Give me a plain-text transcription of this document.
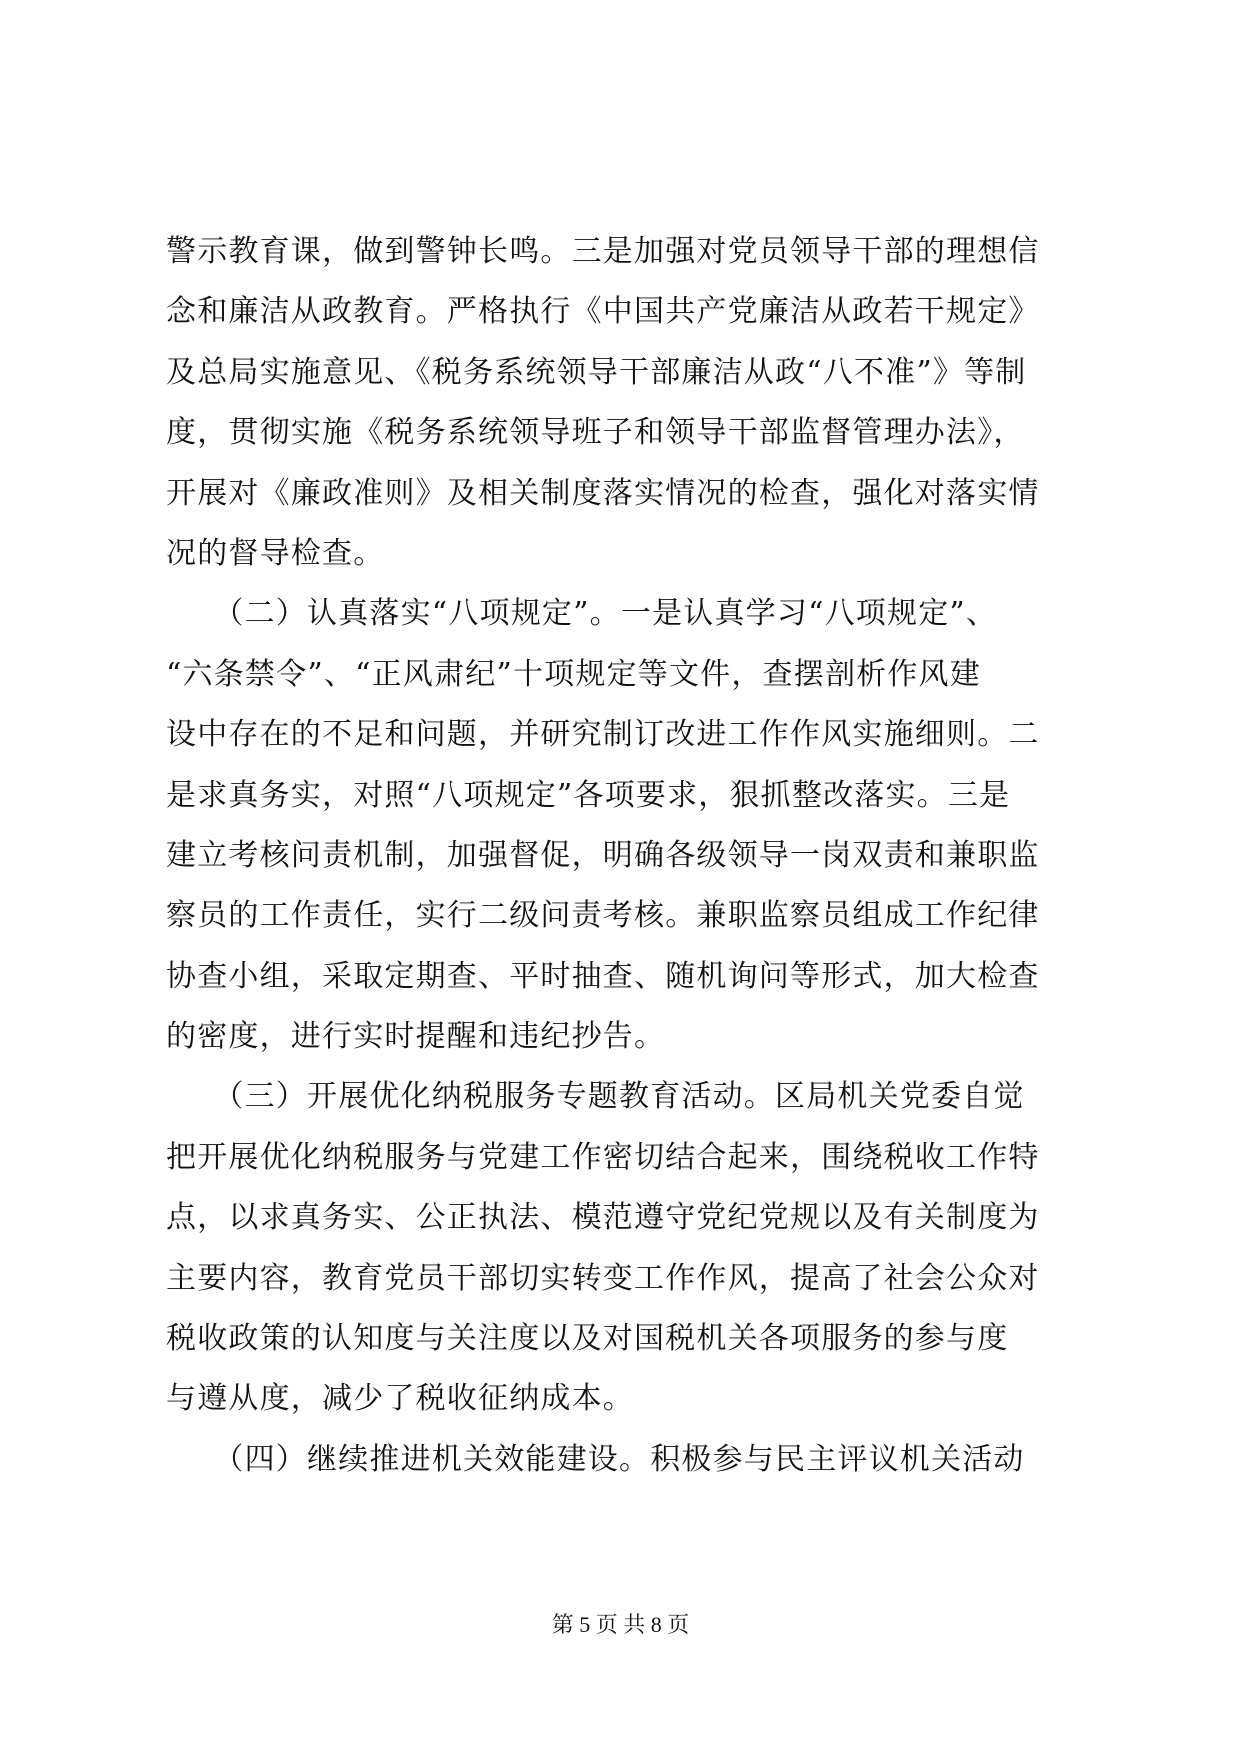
警示教育课，做到警钟长鸣。三是加强对党员领导干部的理想信
念和廉洁从政教育。严格执行《中国共产党廉洁从政若干规定》
及总局实施意见、《税务系统领导干部廉洁从政“八不准”》等制
度，贯彻实施《税务系统领导班子和领导干部监督管理办法》，
开展对《廉政准则》及相关制度落实情况的检查，强化对落实情
况的督导检查。
　　（二）认真落实“八项规定”。一是认真学习“八项规定”、
“六条禁令”、“正风肃纪”十项规定等文件，查摆剖析作风建
设中存在的不足和问题，并研究制订改进工作作风实施细则。二
是求真务实，对照“八项规定”各项要求，狠抓整改落实。三是
建立考核问责机制，加强督促，明确各级领导一岗双责和兼职监
察员的工作责任，实行二级问责考核。兼职监察员组成工作纪律
协查小组，采取定期查、平时抽查、随机询问等形式，加大检查
的密度，进行实时提醒和违纪抄告。
　　（三）开展优化纳税服务专题教育活动。区局机关党委自觉
把开展优化纳税服务与党建工作密切结合起来，围绕税收工作特
点，以求真务实、公正执法、模范遵守党纪党规以及有关制度为
主要内容，教育党员干部切实转变工作作风，提高了社会公众对
税收政策的认知度与关注度以及对国税机关各项服务的参与度
与遵从度，减少了税收征纳成本。
　　（四）继续推进机关效能建设。积极参与民主评议机关活动
第 5 页 共 8 页
